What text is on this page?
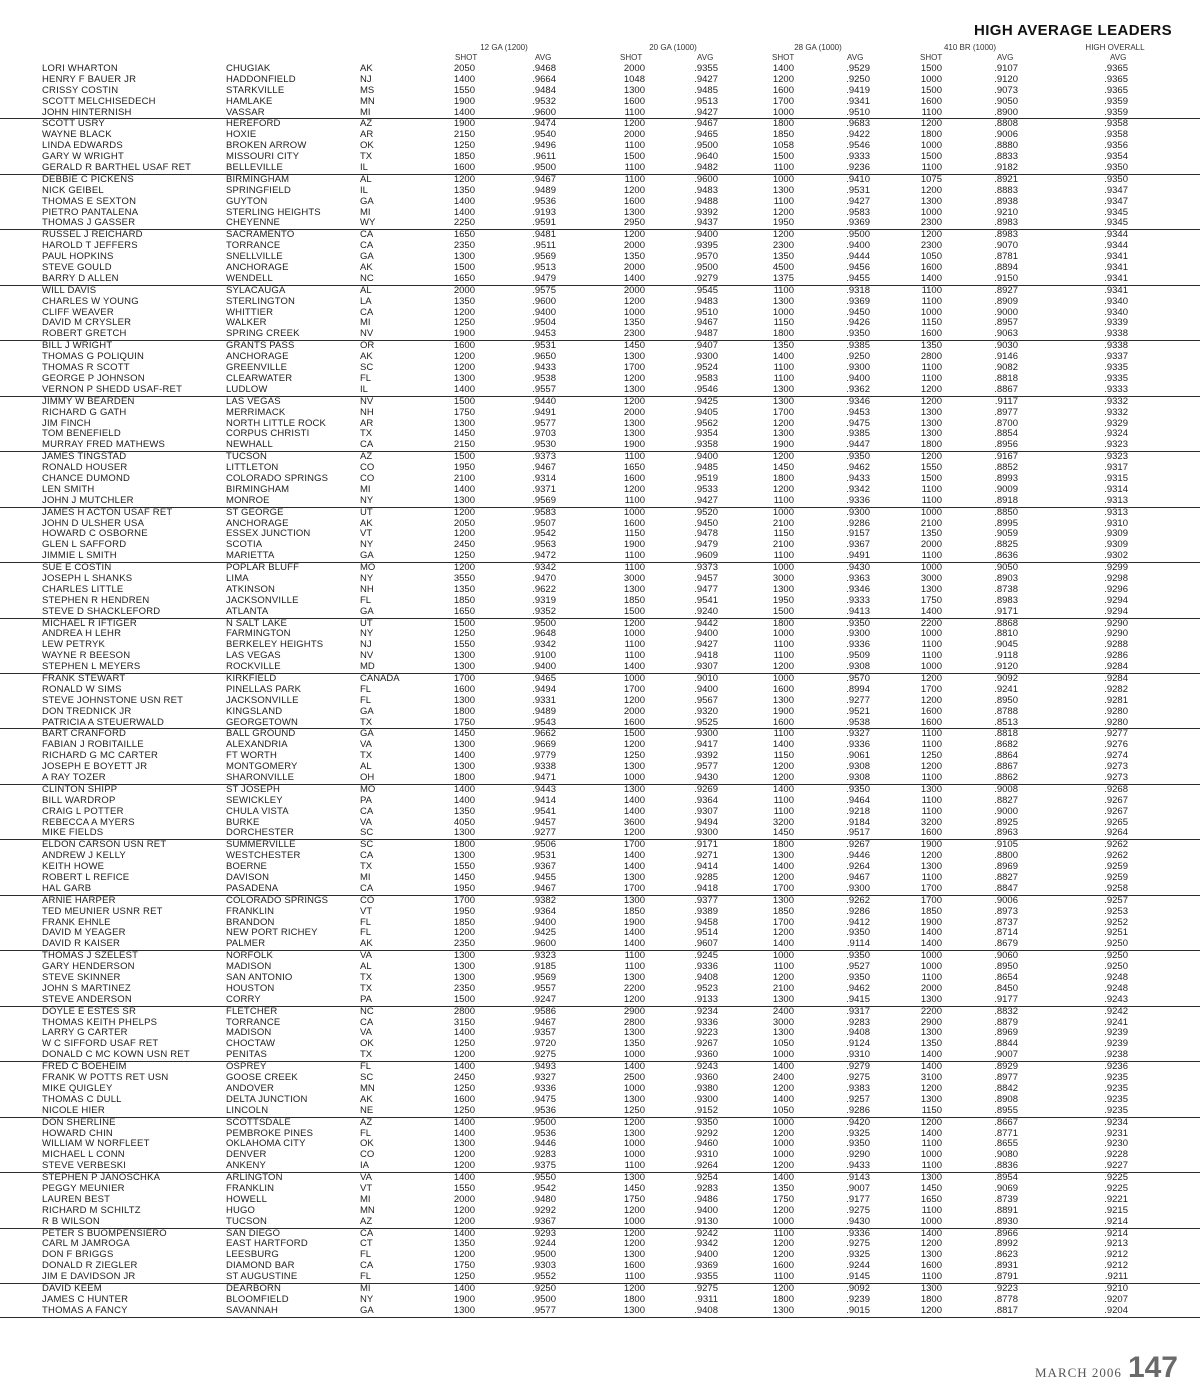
HIGH AVERAGE LEADERS
12 GA (1200)	20 GA (1000)	28 GA (1000)	410 BR (1000)	HIGH OVERALL
SHOT	AVG	SHOT	AVG	SHOT	AVG	SHOT	AVG	AVG
LORI WHARTON	CHUGIAK	AK	2050	.9468	2000	.9355	1400	.9529	1500	.9107	.9365
HENRY F BAUER JR	HADDONFIELD	NJ	1400	.9664	1048	.9427	1200	.9250	1000	.9120	.9365
CRISSY COSTIN	STARKVILLE	MS	1550	.9484	1300	.9485	1600	.9419	1500	.9073	.9365
SCOTT MELCHISEDECH	HAMLAKE	MN	1900	.9532	1600	.9513	1700	.9341	1600	.9050	.9359
JOHN HINTERNISH	VASSAR	MI	1400	.9600	1100	.9427	1000	.9510	1100	.8900	.9359
SCOTT USRY	HEREFORD	AZ	1900	.9474	1200	.9467	1800	.9683	1200	.8808	.9358
WAYNE BLACK	HOXIE	AR	2150	.9540	2000	.9465	1850	.9422	1800	.9006	.9358
LINDA EDWARDS	BROKEN ARROW	OK	1250	.9496	1100	.9500	1058	.9546	1000	.8880	.9356
GARY W WRIGHT	MISSOURI CITY	TX	1850	.9611	1500	.9640	1500	.9333	1500	.8833	.9354
GERALD R BARTHEL USAF RET	BELLEVILLE	IL	1600	.9500	1100	.9482	1100	.9236	1100	.9182	.9350
DEBBIE C PICKENS	BIRMINGHAM	AL	1200	.9467	1100	.9600	1000	.9410	1075	.8921	.9350
NICK GEIBEL	SPRINGFIELD	IL	1350	.9489	1200	.9483	1300	.9531	1200	.8883	.9347
THOMAS E SEXTON	GUYTON	GA	1400	.9536	1600	.9488	1100	.9427	1300	.8938	.9347
PIETRO PANTALENA	STERLING HEIGHTS	MI	1400	.9193	1300	.9392	1200	.9583	1000	.9210	.9345
THOMAS J GASSER	CHEYENNE	WY	2250	.9591	2950	.9437	1950	.9369	2300	.8983	.9345
RUSSEL J REICHARD	SACRAMENTO	CA	1650	.9481	1200	.9400	1200	.9500	1200	.8983	.9344
HAROLD T JEFFERS	TORRANCE	CA	2350	.9511	2000	.9395	2300	.9400	2300	.9070	.9344
PAUL HOPKINS	SNELLVILLE	GA	1300	.9569	1350	.9570	1350	.9444	1050	.8781	.9341
STEVE GOULD	ANCHORAGE	AK	1500	.9513	2000	.9500	4500	.9456	1600	.8894	.9341
BARRY D ALLEN	WENDELL	NC	1650	.9479	1400	.9279	1375	.9455	1400	.9150	.9341
WILL DAVIS	SYLACAUGA	AL	2000	.9575	2000	.9545	1100	.9318	1100	.8927	.9341
CHARLES W YOUNG	STERLINGTON	LA	1350	.9600	1200	.9483	1300	.9369	1100	.8909	.9340
CLIFF WEAVER	WHITTIER	CA	1200	.9400	1000	.9510	1000	.9450	1000	.9000	.9340
DAVID M CRYSLER	WALKER	MI	1250	.9504	1350	.9467	1150	.9426	1150	.8957	.9339
ROBERT GRETCH	SPRING CREEK	NV	1900	.9453	2300	.9487	1800	.9350	1600	.9063	.9338
BILL J WRIGHT	GRANTS PASS	OR	1600	.9531	1450	.9407	1350	.9385	1350	.9030	.9338
THOMAS G POLIQUIN	ANCHORAGE	AK	1200	.9650	1300	.9300	1400	.9250	2800	.9146	.9337
THOMAS R SCOTT	GREENVILLE	SC	1200	.9433	1700	.9524	1100	.9300	1100	.9082	.9335
GEORGE P JOHNSON	CLEARWATER	FL	1300	.9538	1200	.9583	1100	.9400	1100	.8818	.9335
VERNON P SHEDD USAF-RET	LUDLOW	IL	1400	.9557	1300	.9546	1300	.9362	1200	.8867	.9333
JIMMY W BEARDEN	LAS VEGAS	NV	1500	.9440	1200	.9425	1300	.9346	1200	.9117	.9332
RICHARD G GATH	MERRIMACK	NH	1750	.9491	2000	.9405	1700	.9453	1300	.8977	.9332
JIM FINCH	NORTH LITTLE ROCK	AR	1300	.9577	1300	.9562	1200	.9475	1300	.8700	.9329
TOM BENEFIELD	CORPUS CHRISTI	TX	1450	.9703	1300	.9354	1300	.9385	1300	.8854	.9324
MURRAY FRED MATHEWS	NEWHALL	CA	2150	.9530	1900	.9358	1900	.9447	1800	.8956	.9323
JAMES TINGSTAD	TUCSON	AZ	1500	.9373	1100	.9400	1200	.9350	1200	.9167	.9323
RONALD HOUSER	LITTLETON	CO	1950	.9467	1650	.9485	1450	.9462	1550	.8852	.9317
CHANCE DUMOND	COLORADO SPRINGS	CO	2100	.9314	1600	.9519	1800	.9433	1500	.8993	.9315
LEN SMITH	BIRMINGHAM	MI	1400	.9371	1200	.9533	1200	.9342	1100	.9009	.9314
JOHN J MUTCHLER	MONROE	NY	1300	.9569	1100	.9427	1100	.9336	1100	.8918	.9313
JAMES H ACTON USAF RET	ST GEORGE	UT	1200	.9583	1000	.9520	1000	.9300	1000	.8850	.9313
JOHN D ULSHER USA	ANCHORAGE	AK	2050	.9507	1600	.9450	2100	.9286	2100	.8995	.9310
HOWARD C OSBORNE	ESSEX JUNCTION	VT	1200	.9542	1150	.9478	1150	.9157	1350	.9059	.9309
GLEN L SAFFORD	SCOTIA	NY	2450	.9563	1900	.9479	2100	.9367	2000	.8825	.9309
JIMMIE L SMITH	MARIETTA	GA	1250	.9472	1100	.9609	1100	.9491	1100	.8636	.9302
SUE E COSTIN	POPLAR BLUFF	MO	1200	.9342	1100	.9373	1000	.9430	1000	.9050	.9299
JOSEPH L SHANKS	LIMA	NY	3550	.9470	3000	.9457	3000	.9363	3000	.8903	.9298
CHARLES LITTLE	ATKINSON	NH	1350	.9622	1300	.9477	1300	.9346	1300	.8738	.9296
STEPHEN R HENDREN	JACKSONVILLE	FL	1850	.9319	1850	.9541	1950	.9333	1750	.8983	.9294
STEVE D SHACKLEFORD	ATLANTA	GA	1650	.9352	1500	.9240	1500	.9413	1400	.9171	.9294
MICHAEL R IFTIGER	N SALT LAKE	UT	1500	.9500	1200	.9442	1800	.9350	2200	.8868	.9290
ANDREA H LEHR	FARMINGTON	NY	1250	.9648	1000	.9400	1000	.9300	1000	.8810	.9290
LEW PETRYK	BERKELEY HEIGHTS	NJ	1550	.9342	1100	.9427	1100	.9336	1100	.9045	.9288
WAYNE R BEESON	LAS VEGAS	NV	1300	.9100	1100	.9418	1100	.9509	1100	.9118	.9286
STEPHEN L MEYERS	ROCKVILLE	MD	1300	.9400	1400	.9307	1200	.9308	1000	.9120	.9284
FRANK STEWART	KIRKFIELD	CANADA	1700	.9465	1000	.9010	1000	.9570	1200	.9092	.9284
RONALD W SIMS	PINELLAS PARK	FL	1600	.9494	1700	.9400	1600	.8994	1700	.9241	.9282
STEVE JOHNSTONE USN RET	JACKSONVILLE	FL	1300	.9331	1200	.9567	1300	.9277	1200	.8950	.9281
DON TREDNICK JR	KINGSLAND	GA	1800	.9489	2000	.9320	1900	.9521	1600	.8788	.9280
PATRICIA A STEUERWALD	GEORGETOWN	TX	1750	.9543	1600	.9525	1600	.9538	1600	.8513	.9280
BART CRANFORD	BALL GROUND	GA	1450	.9662	1500	.9300	1100	.9327	1100	.8818	.9277
FABIAN J ROBITAILLE	ALEXANDRIA	VA	1300	.9669	1200	.9417	1400	.9336	1100	.8682	.9276
RICHARD G MC CARTER	FT WORTH	TX	1400	.9779	1250	.9392	1150	.9061	1250	.8864	.9274
JOSEPH E BOYETT JR	MONTGOMERY	AL	1300	.9338	1300	.9577	1200	.9308	1200	.8867	.9273
A RAY TOZER	SHARONVILLE	OH	1800	.9471	1000	.9430	1200	.9308	1100	.8862	.9273
CLINTON SHIPP	ST JOSEPH	MO	1400	.9443	1300	.9269	1400	.9350	1300	.9008	.9268
BILL WARDROP	SEWICKLEY	PA	1400	.9414	1400	.9364	1100	.9464	1100	.8827	.9267
CRAIG L POTTER	CHULA VISTA	CA	1350	.9541	1400	.9307	1100	.9218	1100	.9000	.9267
REBECCA A MYERS	BURKE	VA	4050	.9457	3600	.9494	3200	.9184	3200	.8925	.9265
MIKE FIELDS	DORCHESTER	SC	1300	.9277	1200	.9300	1450	.9517	1600	.8963	.9264
ELDON CARSON USN RET	SUMMERVILLE	SC	1800	.9506	1700	.9171	1800	.9267	1900	.9105	.9262
ANDREW J KELLY	WESTCHESTER	CA	1300	.9531	1400	.9271	1300	.9446	1200	.8800	.9262
KEITH HOWE	BOERNE	TX	1550	.9367	1400	.9414	1400	.9264	1300	.8969	.9259
ROBERT L REFICE	DAVISON	MI	1450	.9455	1300	.9285	1200	.9467	1100	.8827	.9259
HAL GARB	PASADENA	CA	1950	.9467	1700	.9418	1700	.9300	1700	.8847	.9258
ARNIE HARPER	COLORADO SPRINGS	CO	1700	.9382	1300	.9377	1300	.9262	1700	.9006	.9257
TED MEUNIER USNR RET	FRANKLIN	VT	1950	.9364	1850	.9389	1850	.9286	1850	.8973	.9253
FRANK EHNLE	BRANDON	FL	1850	.9400	1900	.9458	1700	.9412	1900	.8737	.9252
DAVID M YEAGER	NEW PORT RICHEY	FL	1200	.9425	1400	.9514	1200	.9350	1400	.8714	.9251
DAVID R KAISER	PALMER	AK	2350	.9600	1400	.9607	1400	.9114	1400	.8679	.9250
THOMAS J SZELEST	NORFOLK	VA	1300	.9323	1100	.9245	1000	.9350	1000	.9060	.9250
GARY HENDERSON	MADISON	AL	1300	.9185	1100	.9336	1100	.9527	1000	.8950	.9250
STEVE SKINNER	SAN ANTONIO	TX	1300	.9569	1300	.9408	1200	.9350	1100	.8654	.9248
JOHN S MARTINEZ	HOUSTON	TX	2350	.9557	2200	.9523	2100	.9462	2000	.8450	.9248
STEVE ANDERSON	CORRY	PA	1500	.9247	1200	.9133	1300	.9415	1300	.9177	.9243
DOYLE E ESTES SR	FLETCHER	NC	2800	.9586	2900	.9234	2400	.9317	2200	.8832	.9242
THOMAS KEITH PHELPS	TORRANCE	CA	3150	.9467	2800	.9336	3000	.9283	2900	.8879	.9241
LARRY G CARTER	MADISON	VA	1400	.9357	1300	.9223	1300	.9408	1300	.8969	.9239
W C SIFFORD USAF RET	CHOCTAW	OK	1250	.9720	1350	.9267	1050	.9124	1350	.8844	.9239
DONALD C MC KOWN USN RET	PENITAS	TX	1200	.9275	1000	.9360	1000	.9310	1400	.9007	.9238
FRED C BOEHEIM	OSPREY	FL	1400	.9493	1400	.9243	1400	.9279	1400	.8929	.9236
FRANK W POTTS RET USN	GOOSE CREEK	SC	2450	.9327	2500	.9360	2400	.9275	3100	.8977	.9235
MIKE QUIGLEY	ANDOVER	MN	1250	.9336	1000	.9380	1200	.9383	1200	.8842	.9235
THOMAS C DULL	DELTA JUNCTION	AK	1600	.9475	1300	.9300	1400	.9257	1300	.8908	.9235
NICOLE HIER	LINCOLN	NE	1250	.9536	1250	.9152	1050	.9286	1150	.8955	.9235
DON SHERLINE	SCOTTSDALE	AZ	1400	.9500	1200	.9350	1000	.9420	1200	.8667	.9234
HOWARD CHIN	PEMBROKE PINES	FL	1400	.9536	1300	.9292	1200	.9325	1400	.8771	.9231
WILLIAM W NORFLEET	OKLAHOMA CITY	OK	1300	.9446	1000	.9460	1000	.9350	1100	.8655	.9230
MICHAEL L CONN	DENVER	CO	1200	.9283	1000	.9310	1000	.9290	1000	.9080	.9228
STEVE VERBESKI	ANKENY	IA	1200	.9375	1100	.9264	1200	.9433	1100	.8836	.9227
STEPHEN P JANOSCHKA	ARLINGTON	VA	1400	.9550	1300	.9254	1400	.9143	1300	.8954	.9225
PEGGY MEUNIER	FRANKLIN	VT	1550	.9542	1450	.9283	1350	.9007	1450	.9069	.9225
LAUREN BEST	HOWELL	MI	2000	.9480	1750	.9486	1750	.9177	1650	.8739	.9221
RICHARD M SCHILTZ	HUGO	MN	1200	.9292	1200	.9400	1200	.9275	1100	.8891	.9215
R B WILSON	TUCSON	AZ	1200	.9367	1000	.9130	1000	.9430	1000	.8930	.9214
PETER S BUOMPENSIERO	SAN DIEGO	CA	1400	.9293	1200	.9242	1100	.9336	1400	.8966	.9214
CARL M JAMROGA	EAST HARTFORD	CT	1350	.9244	1200	.9342	1200	.9275	1200	.8992	.9213
DON F BRIGGS	LEESBURG	FL	1200	.9500	1300	.9400	1200	.9325	1300	.8623	.9212
DONALD R ZIEGLER	DIAMOND BAR	CA	1750	.9303	1600	.9369	1600	.9244	1600	.8931	.9212
JIM E DAVIDSON JR	ST AUGUSTINE	FL	1250	.9552	1100	.9355	1100	.9145	1100	.8791	.9211
DAVID KEEM	DEARBORN	MI	1400	.9250	1200	.9275	1200	.9092	1300	.9223	.9210
JAMES C HUNTER	BLOOMFIELD	NY	1900	.9500	1800	.9311	1800	.9239	1800	.8778	.9207
THOMAS A FANCY	SAVANNAH	GA	1300	.9577	1300	.9408	1300	.9015	1200	.8817	.9204
MARCH 2006 147
